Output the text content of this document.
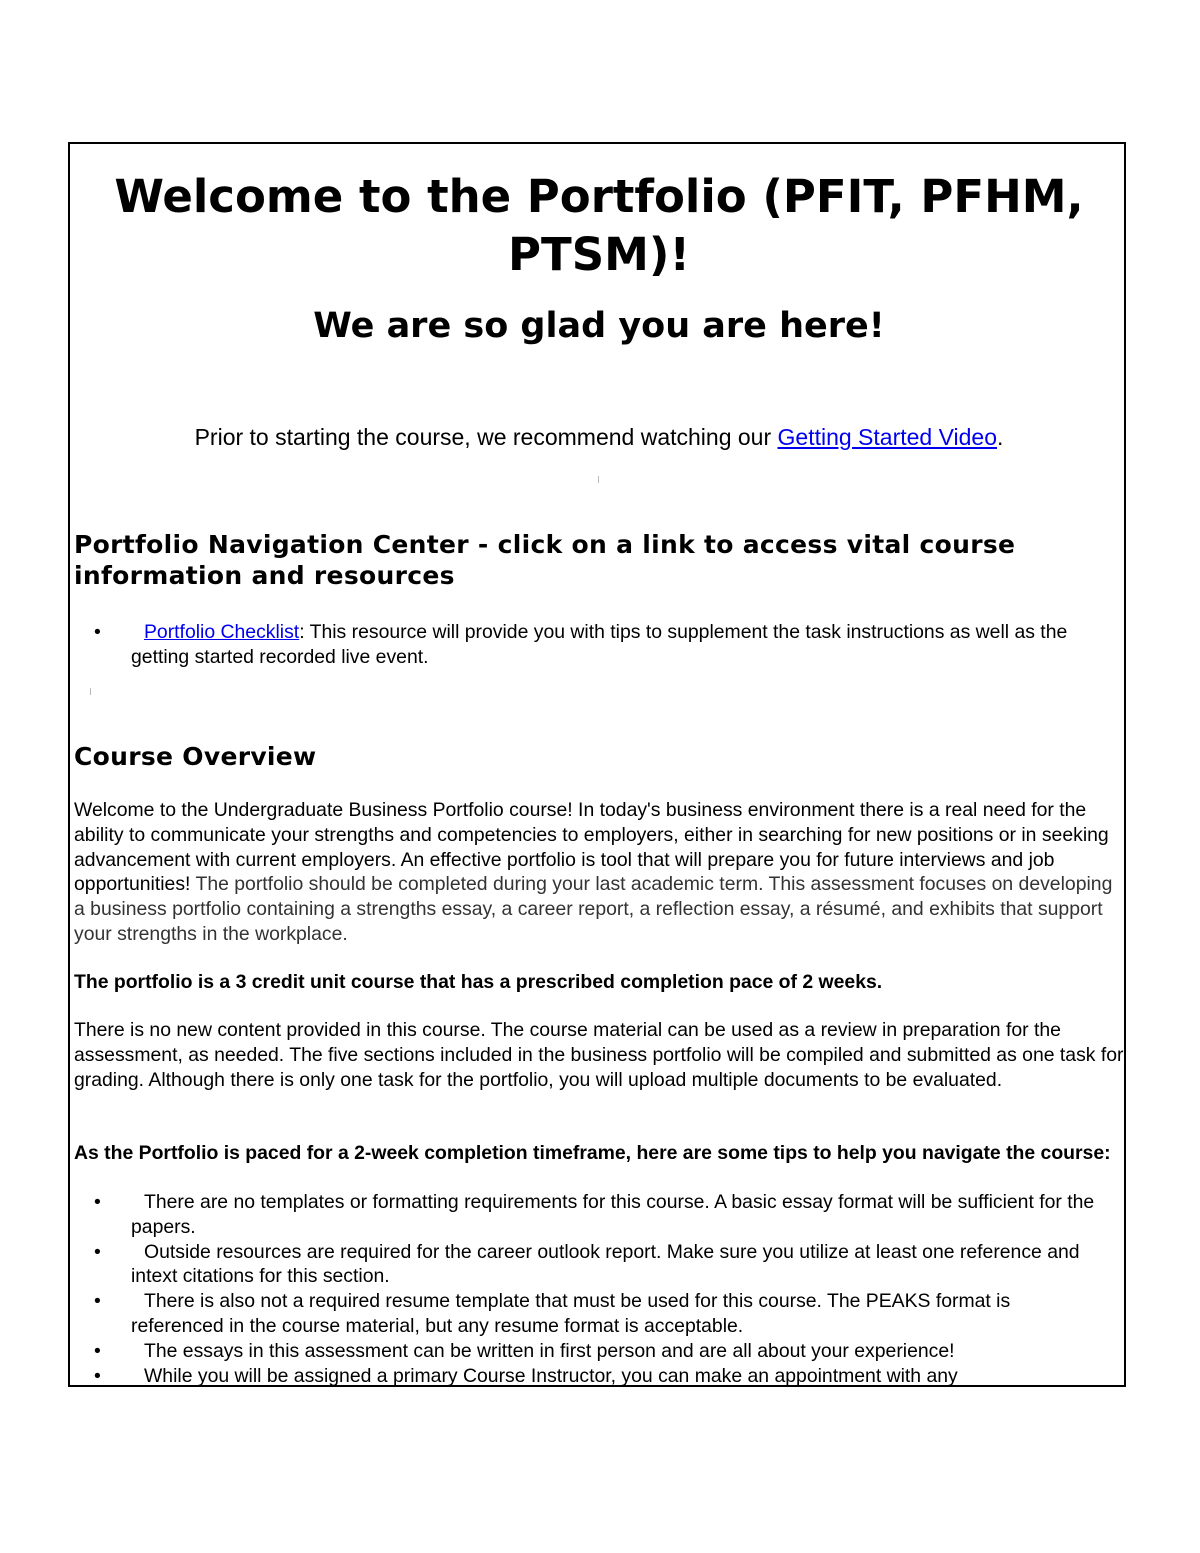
Welcome to the Portfolio (PFIT, PFHM,
PTSM)!
We are so glad you are here!
Prior to starting the course, we recommend watching our Getting Started Video.
Portfolio Navigation Center - click on a link to access vital course information and resources
• Portfolio Checklist: This resource will provide you with tips to supplement the task instructions as well as the getting started recorded live event.
Course Overview
Welcome to the Undergraduate Business Portfolio course! In today's business environment there is a real need for the ability to communicate your strengths and competencies to employers, either in searching for new positions or in seeking advancement with current employers. An effective portfolio is tool that will prepare you for future interviews and job opportunities! The portfolio should be completed during your last academic term. This assessment focuses on developing a business portfolio containing a strengths essay, a career report, a reflection essay, a résumé, and exhibits that support your strengths in the workplace.
The portfolio is a 3 credit unit course that has a prescribed completion pace of 2 weeks.
There is no new content provided in this course. The course material can be used as a review in preparation for the assessment, as needed. The five sections included in the business portfolio will be compiled and submitted as one task for grading. Although there is only one task for the portfolio, you will upload multiple documents to be evaluated.
As the Portfolio is paced for a 2-week completion timeframe, here are some tips to help you navigate the course:
• There are no templates or formatting requirements for this course. A basic essay format will be sufficient for the papers.
• Outside resources are required for the career outlook report. Make sure you utilize at least one reference and intext citations for this section.
• There is also not a required resume template that must be used for this course. The PEAKS format is referenced in the course material, but any resume format is acceptable.
• The essays in this assessment can be written in first person and are all about your experience!
• While you will be assigned a primary Course Instructor, you can make an appointment with any
